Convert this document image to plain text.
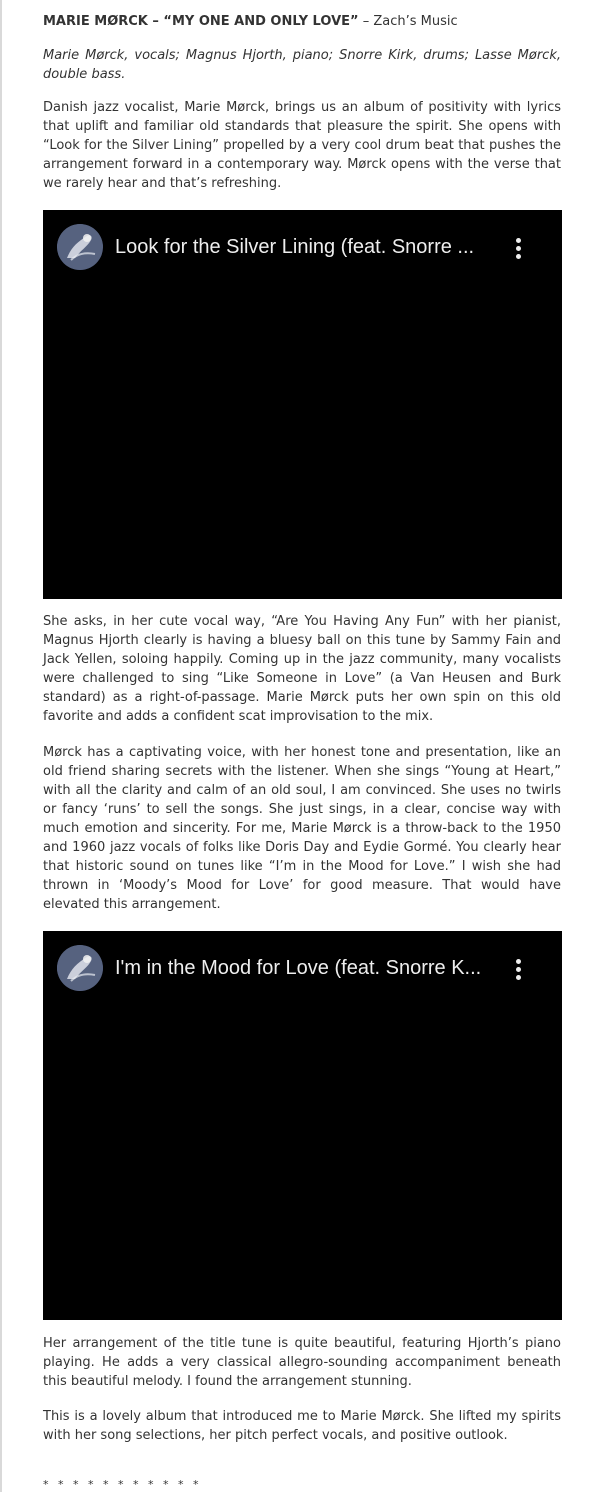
MARIE MØRCK – “MY ONE AND ONLY LOVE” – Zach’s Music

Marie Mørck, vocals; Magnus Hjorth, piano; Snorre Kirk, drums; Lasse Mørck, double bass.

Danish jazz vocalist, Marie Mørck, brings us an album of positivity with lyrics that uplift and familiar old standards that pleasure the spirit. She opens with “Look for the Silver Lining” propelled by a very cool drum beat that pushes the arrangement forward in a contemporary way. Mørck opens with the verse that we rarely hear and that’s refreshing.

Look for the Silver Lining (feat. Snorre ...

She asks, in her cute vocal way, “Are You Having Any Fun” with her pianist, Magnus Hjorth clearly is having a bluesy ball on this tune by Sammy Fain and Jack Yellen, soloing happily. Coming up in the jazz community, many vocalists were challenged to sing “Like Someone in Love” (a Van Heusen and Burk standard) as a right-of-passage. Marie Mørck puts her own spin on this old favorite and adds a confident scat improvisation to the mix.

Mørck has a captivating voice, with her honest tone and presentation, like an old friend sharing secrets with the listener. When she sings “Young at Heart,” with all the clarity and calm of an old soul, I am convinced. She uses no twirls or fancy ‘runs’ to sell the songs. She just sings, in a clear, concise way with much emotion and sincerity. For me, Marie Mørck is a throw-back to the 1950 and 1960 jazz vocals of folks like Doris Day and Eydie Gormé. You clearly hear that historic sound on tunes like “I’m in the Mood for Love.” I wish she had thrown in ‘Moody’s Mood for Love’ for good measure. That would have elevated this arrangement.

I'm in the Mood for Love (feat. Snorre K...

Her arrangement of the title tune is quite beautiful, featuring Hjorth’s piano playing. He adds a very classical allegro-sounding accompaniment beneath this beautiful melody. I found the arrangement stunning.

This is a lovely album that introduced me to Marie Mørck. She lifted my spirits with her song selections, her pitch perfect vocals, and positive outlook.

* * * * * * * * * * *
